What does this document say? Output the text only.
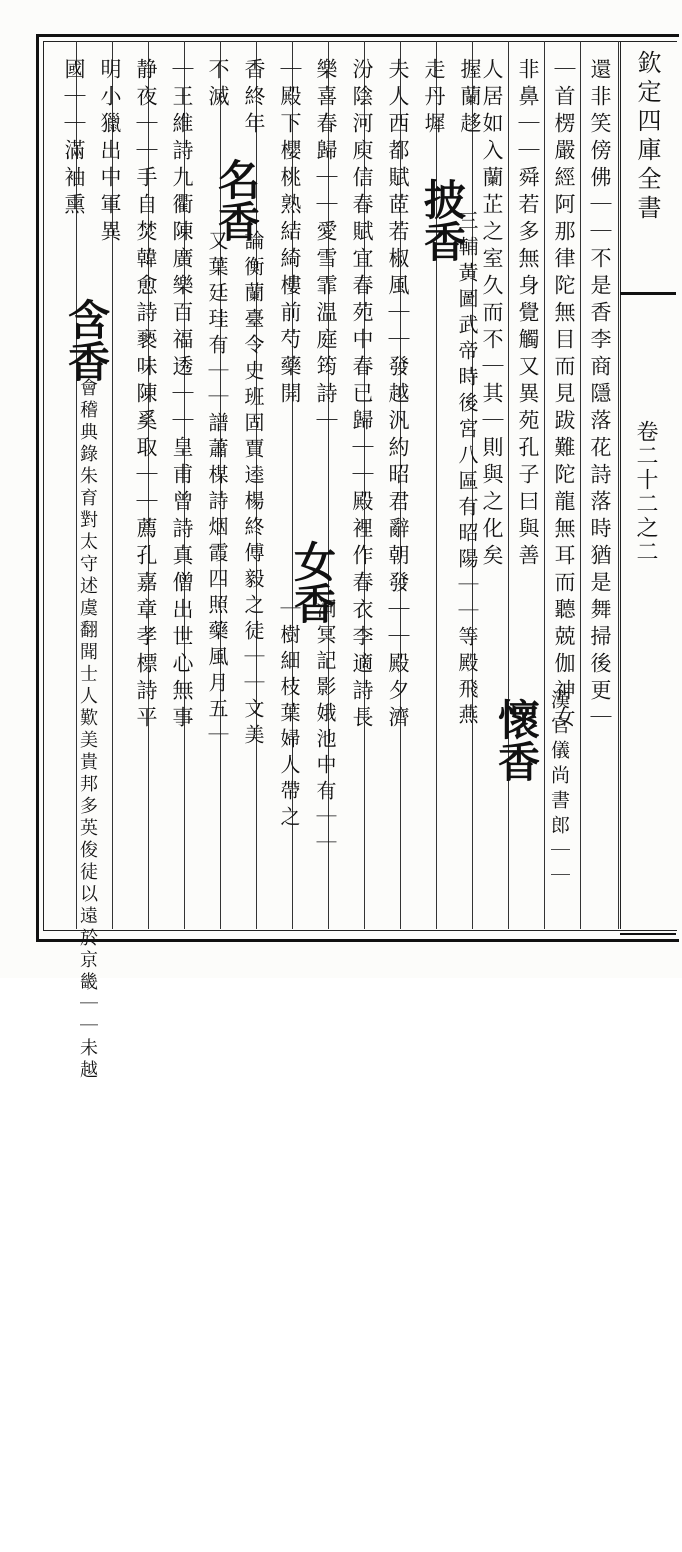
欽定四庫全書
卷二十二之二
還非笑傍佛｜｜不是香李商隱落花詩落時猶是舞掃後更｜
｜首楞嚴經阿那律陀無目而見跋難陀龍無耳而聽兢伽神女
非鼻｜｜舜若多無身覺觸又異苑孔子曰與善
人居如入蘭芷之室久而不｜其｜則與之化矣
懷香 漢官儀尚書郎｜｜
走丹墀 握蘭趍
披香
三輔黃圖武帝時後宮八區有昭陽｜｜等殿飛燕
夫人西都賦茝若椒風｜｜發越汎約昭君辭朝發｜｜殿夕濟
汾陰河庾信春賦宜春苑中春已歸｜｜殿裡作春衣李適詩長
樂喜春歸｜｜愛雪霏温庭筠詩｜
女香
洞冥記影娥池中有｜｜
｜殿下櫻桃熟結綺樓前芍藥開
｜樹細枝葉婦人帶之
香終年
名香
論衡蘭臺令史班固賈逵楊終傅毅之徒｜｜文美
不滅
又葉廷珪有｜｜譜蕭楳詩烟霞四照藥風月五｜
｜王維詩九衢陳廣樂百福透｜｜皇甫曾詩真僧出世心無事
静夜｜｜手自焚韓愈詩褻味陳奚取｜｜薦孔嘉章孝標詩平
明小獵出中軍異
國｜｜滿袖熏
含香
會稽典錄朱育對太守述虞翻聞士人歎美貴邦多英俊徒以遠於京畿｜｜未越
